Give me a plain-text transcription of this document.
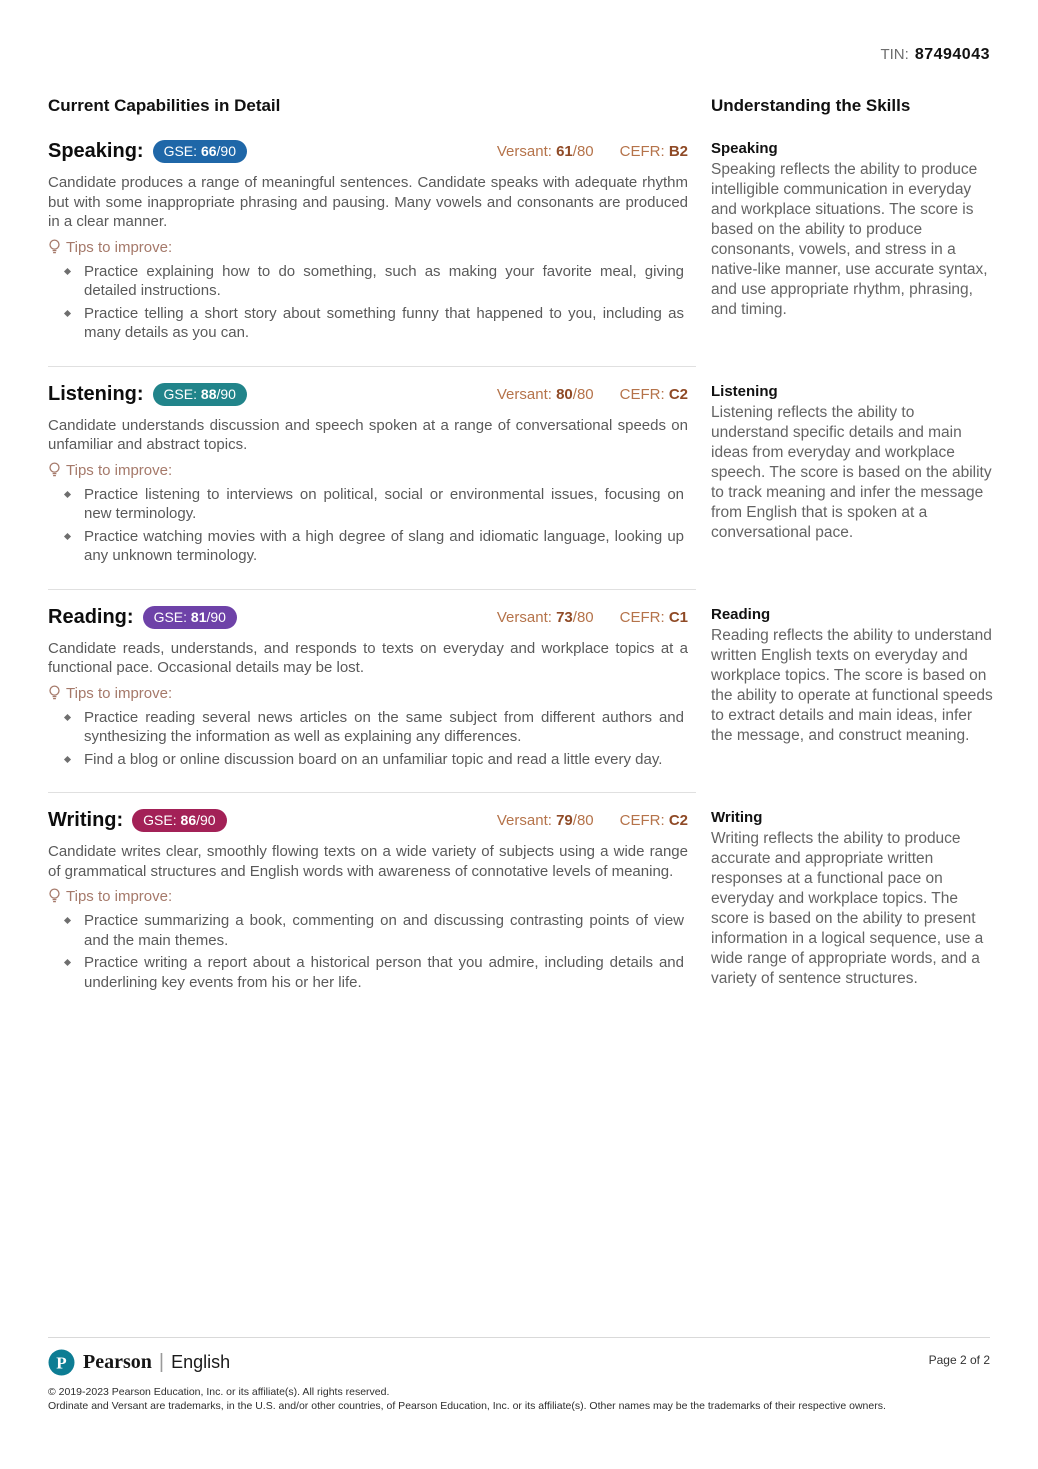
TIN: 87494043
Current Capabilities in Detail	Understanding the Skills
Speaking:	GSE: 66/90	Versant: 61/80 CEFR: B2

Candidate produces a range of meaningful sentences. Candidate speaks with adequate rhythm but with some inappropriate phrasing and pausing. Many vowels and consonants are produced in a clear manner.

Tips to improve:
Practice explaining how to do something, such as making your favorite meal, giving detailed instructions.
Practice telling a short story about something funny that happened to you, including as many details as you can.
Speaking

Speaking reflects the ability to produce intelligible communication in everyday and workplace situations. The score is based on the ability to produce consonants, vowels, and stress in a native-like manner, use accurate syntax, and use appropriate rhythm, phrasing, and timing.

Listening:	GSE: 88/90	Versant: 80/80 CEFR: C2

Candidate understands discussion and speech spoken at a range of conversational speeds on unfamiliar and abstract topics.

Tips to improve:
Practice listening to interviews on political, social or environmental issues, focusing on new terminology.
Practice watching movies with a high degree of slang and idiomatic language, looking up any unknown terminology.
Listening

Listening reflects the ability to understand specific details and main ideas from everyday and workplace speech. The score is based on the ability to track meaning and infer the message from English that is spoken at a conversational pace.

Reading:	GSE: 81/90	Versant: 73/80 CEFR: C1

Candidate reads, understands, and responds to texts on everyday and workplace topics at a functional pace. Occasional details may be lost.

Tips to improve:
Practice reading several news articles on the same subject from different authors and synthesizing the information as well as explaining any differences.
Find a blog or online discussion board on an unfamiliar topic and read a little every day.
Reading

Reading reflects the ability to understand written English texts on everyday and workplace topics. The score is based on the ability to operate at functional speeds to extract details and main ideas, infer the message, and construct meaning.

Writing:	GSE: 86/90	Versant: 79/80 CEFR: C2

Candidate writes clear, smoothly flowing texts on a wide variety of subjects using a wide range of grammatical structures and English words with awareness of connotative levels of meaning.

Tips to improve:
Practice summarizing a book, commenting on and discussing contrasting points of view and the main themes.
Practice writing a report about a historical person that you admire, including details and underlining key events from his or her life.
Writing

Writing reflects the ability to produce accurate and appropriate written responses at a functional pace on everyday and workplace topics. The score is based on the ability to present information in a logical sequence, use a wide range of appropriate words, and a variety of sentence structures.

P Pearson | English	Page 2 of 2
© 2019-2023 Pearson Education, Inc. or its affiliate(s). All rights reserved.
Ordinate and Versant are trademarks, in the U.S. and/or other countries, of Pearson Education, Inc. or its affiliate(s). Other names may be the trademarks of their respective owners.
